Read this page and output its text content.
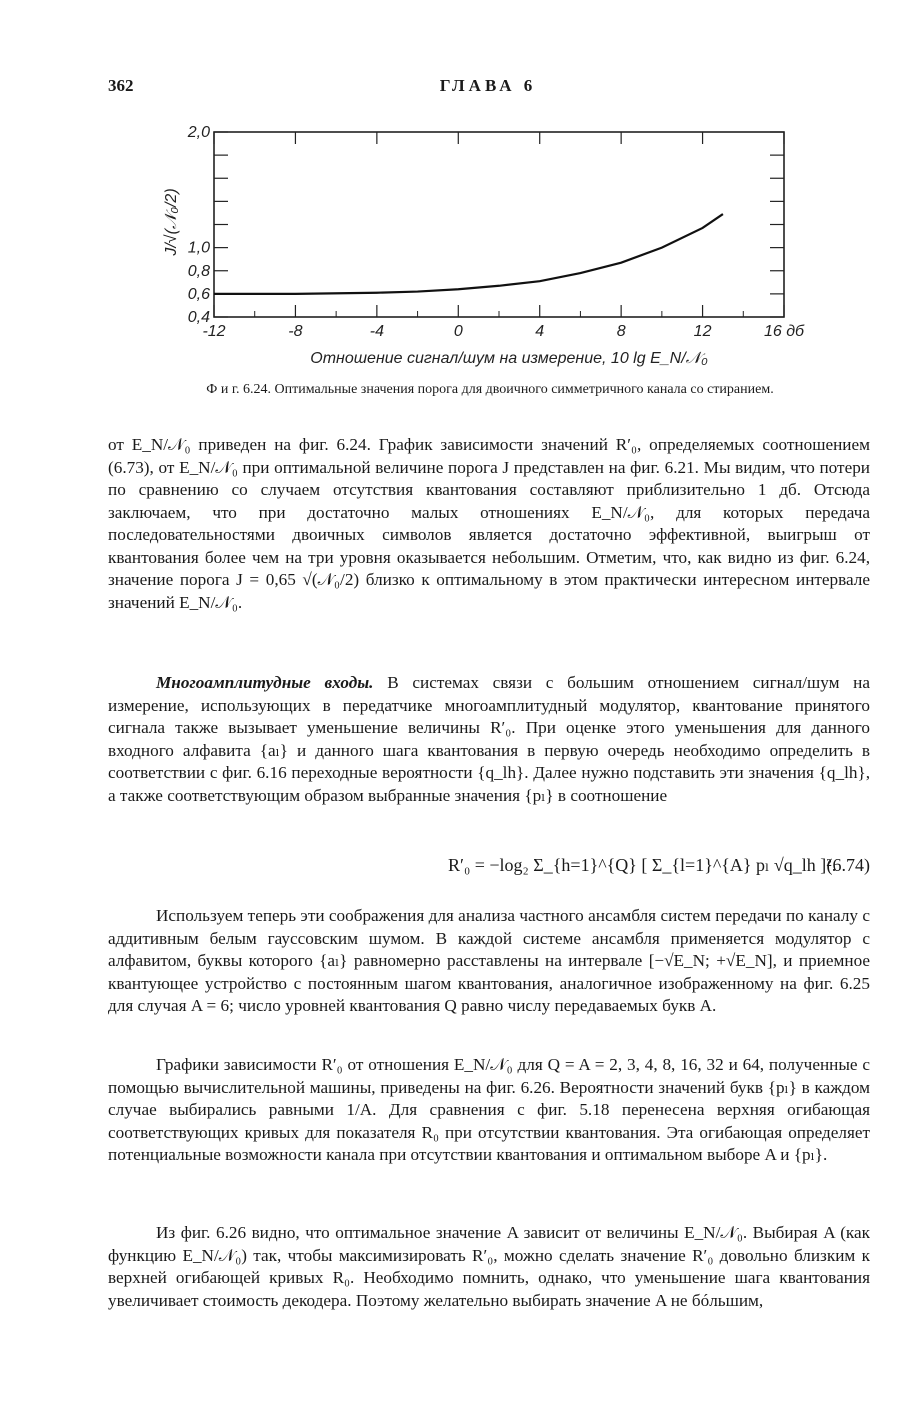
362	ГЛАВА 6
-12	-8	-4	0	4	8	12	16 дб
2,0
1,0
0,8
0,6
0,4
J/√(𝒩₀/2)
Отношение сигнал/шум на измерение, 10 lg E_N/𝒩₀
Ф и г. 6.24. Оптимальные значения порога для двоичного симметричного канала со стиранием.

от E_N/𝒩₀ приведен на фиг. 6.24. График зависимости значений R′₀, определяемых соотношением (6.73), от E_N/𝒩₀ при оптимальной величине порога J представлен на фиг. 6.21. Мы видим, что потери по сравнению со случаем отсутствия квантования составляют приблизительно 1 дб. Отсюда заключаем, что при достаточно малых отношениях E_N/𝒩₀, для которых передача последовательностями двоичных символов является достаточно эффективной, выигрыш от квантования более чем на три уровня оказывается небольшим. Отметим, что, как видно из фиг. 6.24, значение порога J = 0,65 √(𝒩₀/2) близко к оптимальному в этом практически интересном интервале значений E_N/𝒩₀.

Многоамплитудные входы. В системах связи с большим отношением сигнал/шум на измерение, использующих в передатчике многоамплитудный модулятор, квантование принятого сигнала также вызывает уменьшение величины R′₀. При оценке этого уменьшения для данного входного алфавита {aₗ} и данного шага квантования в первую очередь необходимо определить в соответствии с фиг. 6.16 переходные вероятности {q_lh}. Далее нужно подставить эти значения {q_lh}, а также соответствующим образом выбранные значения {pₗ} в соотношение

R′₀ = −log₂ Σ_{h=1}^{Q} [ Σ_{l=1}^{A} pₗ √q_lh ]².
(6.74)

Используем теперь эти соображения для анализа частного ансамбля систем передачи по каналу с аддитивным белым гауссовским шумом. В каждой системе ансамбля применяется модулятор с алфавитом, буквы которого {aₗ} равномерно расставлены на интервале [−√E_N; +√E_N], и приемное квантующее устройство с постоянным шагом квантования, аналогичное изображенному на фиг. 6.25 для случая A = 6; число уровней квантования Q равно числу передаваемых букв A.

Графики зависимости R′₀ от отношения E_N/𝒩₀ для Q = A = 2, 3, 4, 8, 16, 32 и 64, полученные с помощью вычислительной машины, приведены на фиг. 6.26. Вероятности значений букв {pₗ} в каждом случае выбирались равными 1/A. Для сравнения с фиг. 5.18 перенесена верхняя огибающая соответствующих кривых для показателя R₀ при отсутствии квантования. Эта огибающая определяет потенциальные возможности канала при отсутствии квантования и оптимальном выборе A и {pₗ}.

Из фиг. 6.26 видно, что оптимальное значение A зависит от величины E_N/𝒩₀. Выбирая A (как функцию E_N/𝒩₀) так, чтобы максимизировать R′₀, можно сделать значение R′₀ довольно близким к верхней огибающей кривых R₀. Необходимо помнить, однако, что уменьшение шага квантования увеличивает стоимость декодера. Поэтому желательно выбирать значение A не бóльшим,
